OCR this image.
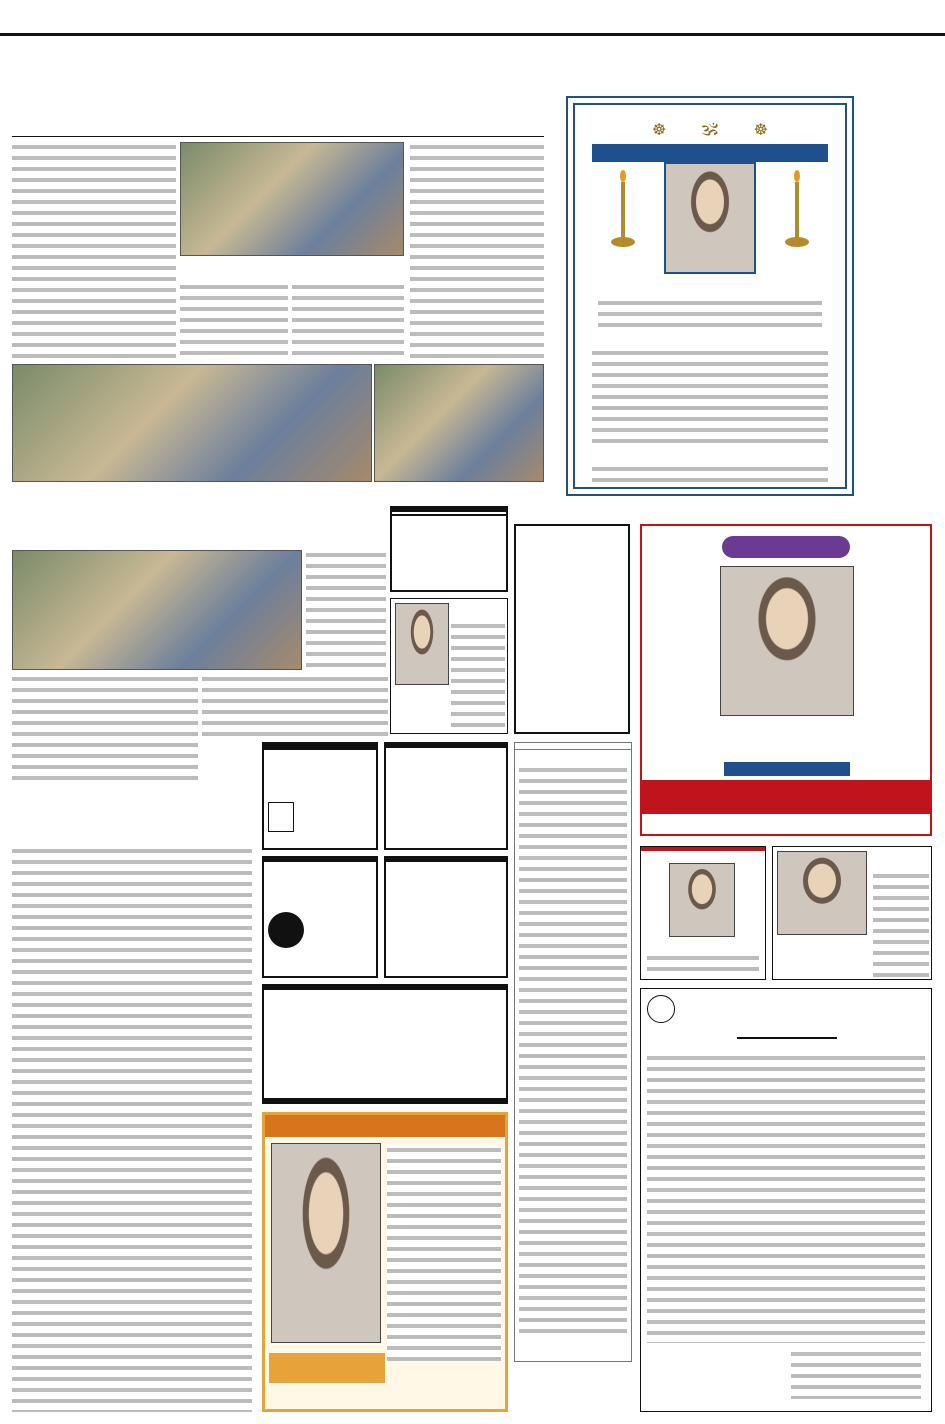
☸ 🕉 ☸
